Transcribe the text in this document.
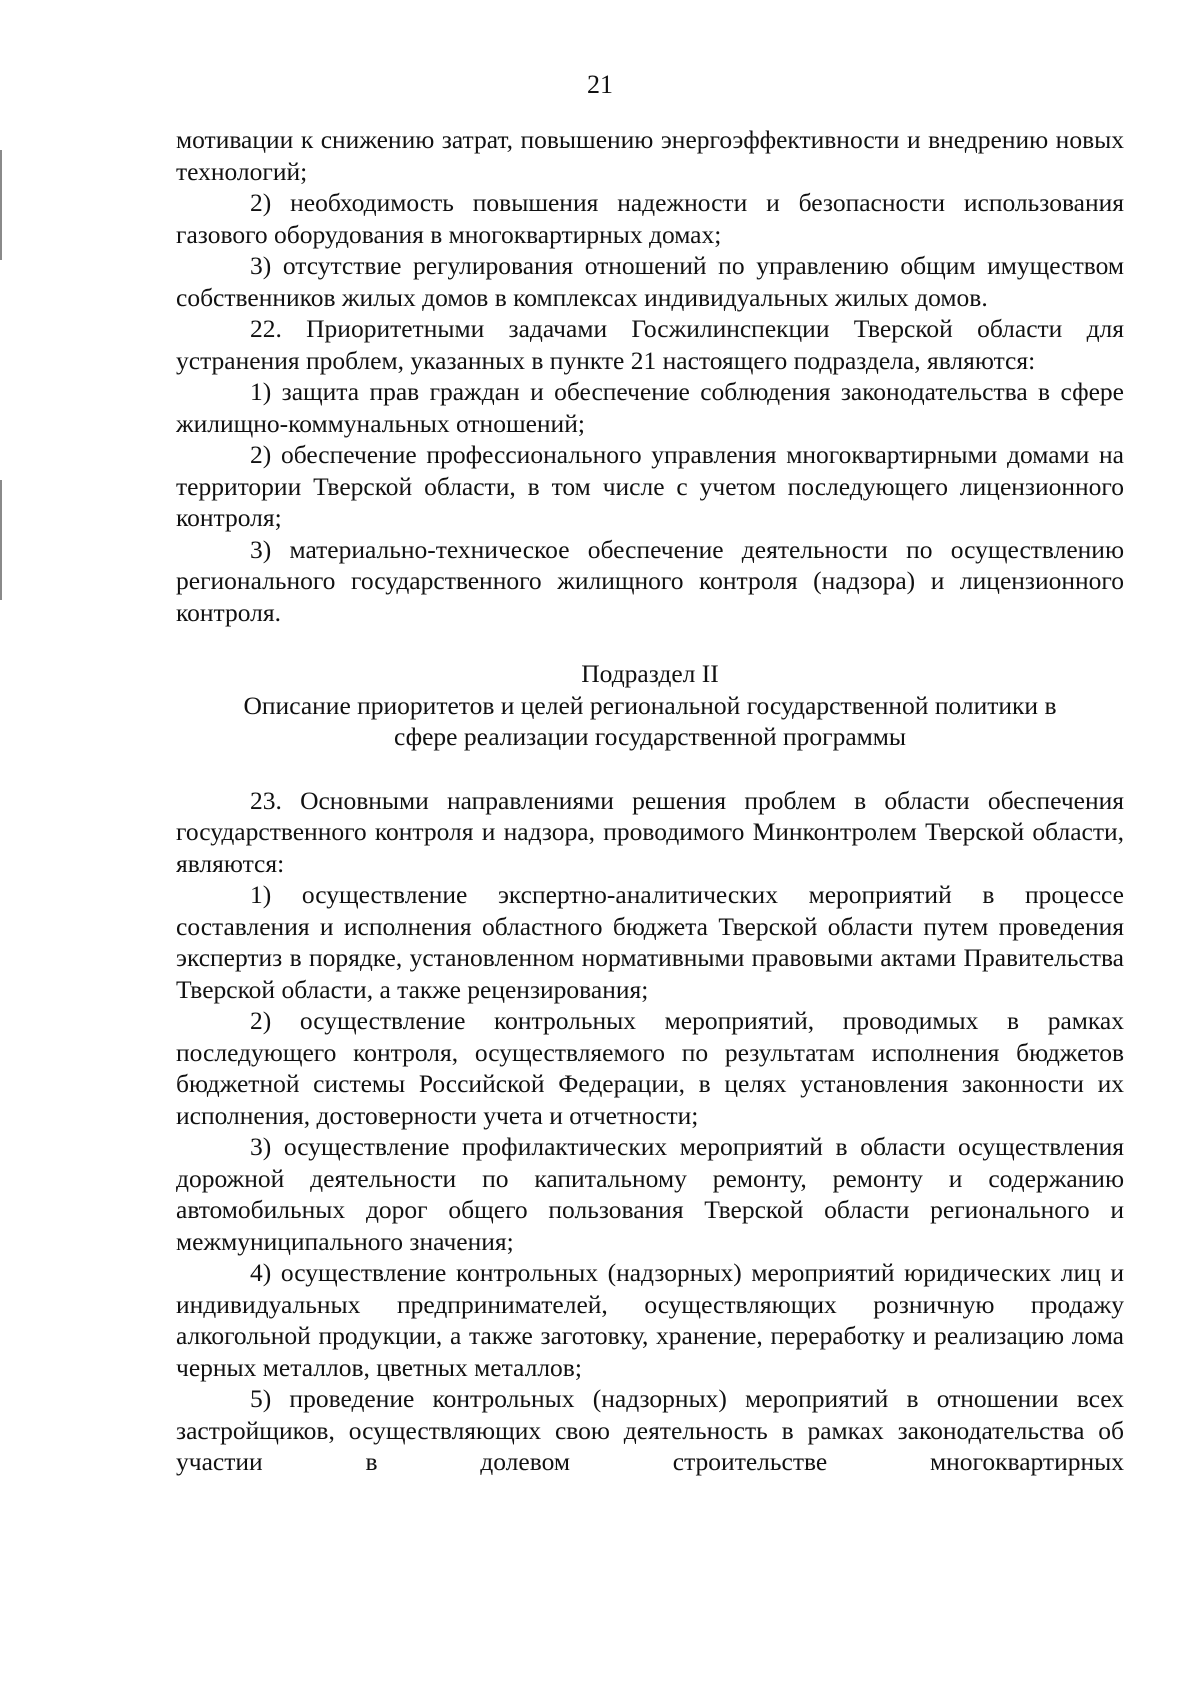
21

мотивации к снижению затрат, повышению энергоэффективности и внедрению новых технологий;

2) необходимость повышения надежности и безопасности использования газового оборудования в многоквартирных домах;

3) отсутствие регулирования отношений по управлению общим имуществом собственников жилых домов в комплексах индивидуальных жилых домов.

22. Приоритетными задачами Госжилинспекции Тверской области для устранения проблем, указанных в пункте 21 настоящего подраздела, являются:

1) защита прав граждан и обеспечение соблюдения законодательства в сфере жилищно-коммунальных отношений;

2) обеспечение профессионального управления многоквартирными домами на территории Тверской области, в том числе с учетом последующего лицензионного контроля;

3) материально-техническое обеспечение деятельности по осуществлению регионального государственного жилищного контроля (надзора) и лицензионного контроля.

Подраздел II

Описание приоритетов и целей региональной государственной политики в

сфере реализации государственной программы

23. Основными направлениями решения проблем в области обеспечения государственного контроля и надзора, проводимого Минконтролем Тверской области, являются:

1) осуществление экспертно-аналитических мероприятий в процессе составления и исполнения областного бюджета Тверской области путем проведения экспертиз в порядке, установленном нормативными правовыми актами Правительства Тверской области, а также рецензирования;

2) осуществление контрольных мероприятий, проводимых в рамках последующего контроля, осуществляемого по результатам исполнения бюджетов бюджетной системы Российской Федерации, в целях установления законности их исполнения, достоверности учета и отчетности;

3) осуществление профилактических мероприятий в области осуществления дорожной деятельности по капитальному ремонту, ремонту и содержанию автомобильных дорог общего пользования Тверской области регионального и межмуниципального значения;

4) осуществление контрольных (надзорных) мероприятий юридических лиц и индивидуальных предпринимателей, осуществляющих розничную продажу алкогольной продукции, а также заготовку, хранение, переработку и реализацию лома черных металлов, цветных металлов;

5) проведение контрольных (надзорных) мероприятий в отношении всех застройщиков, осуществляющих свою деятельность в рамках законодательства об участии в долевом строительстве многоквартирных
